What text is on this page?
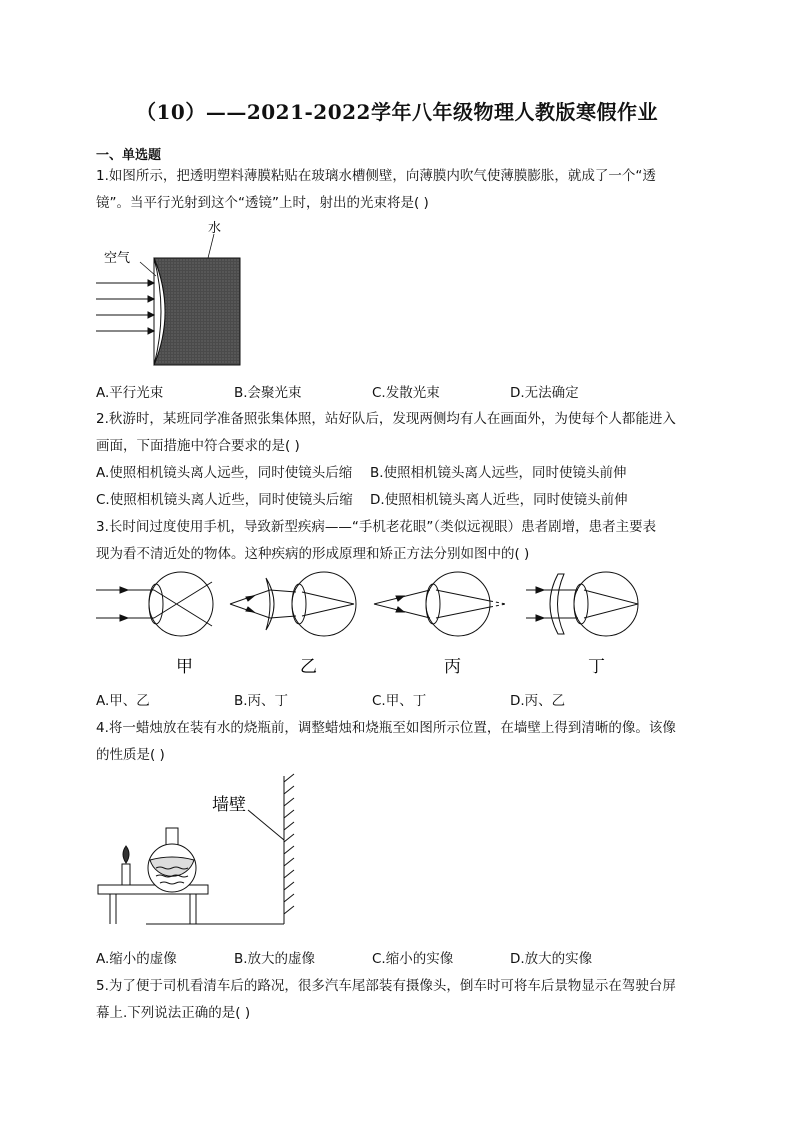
（10）——2021-2022学年八年级物理人教版寒假作业
一、单选题
1.如图所示，把透明塑料薄膜粘贴在玻璃水槽侧壁，向薄膜内吹气使薄膜膨胀，就成了一个“透
镜”。当平行光射到这个“透镜”上时，射出的光束将是( )
水
空气
A.平行光束	B.会聚光束	C.发散光束	D.无法确定
2.秋游时，某班同学准备照张集体照，站好队后，发现两侧均有人在画面外，为使每个人都能进入
画面，下面措施中符合要求的是( )
A.使照相机镜头离人远些，同时使镜头后缩 B.使照相机镜头离人远些，同时使镜头前伸
C.使照相机镜头离人近些，同时使镜头后缩 D.使照相机镜头离人近些，同时使镜头前伸
3.长时间过度使用手机，导致新型疾病——“手机老花眼”（类似远视眼）患者剧增，患者主要表
现为看不清近处的物体。这种疾病的形成原理和矫正方法分别如图中的( )
甲	乙	丙	丁
A.甲、乙	B.丙、丁	C.甲、丁	D.丙、乙
4.将一蜡烛放在装有水的烧瓶前，调整蜡烛和烧瓶至如图所示位置，在墙壁上得到清晰的像。该像
的性质是( )
墙壁
A.缩小的虚像	B.放大的虚像	C.缩小的实像	D.放大的实像
5.为了便于司机看清车后的路况，很多汽车尾部装有摄像头，倒车时可将车后景物显示在驾驶台屏
幕上.下列说法正确的是( )
